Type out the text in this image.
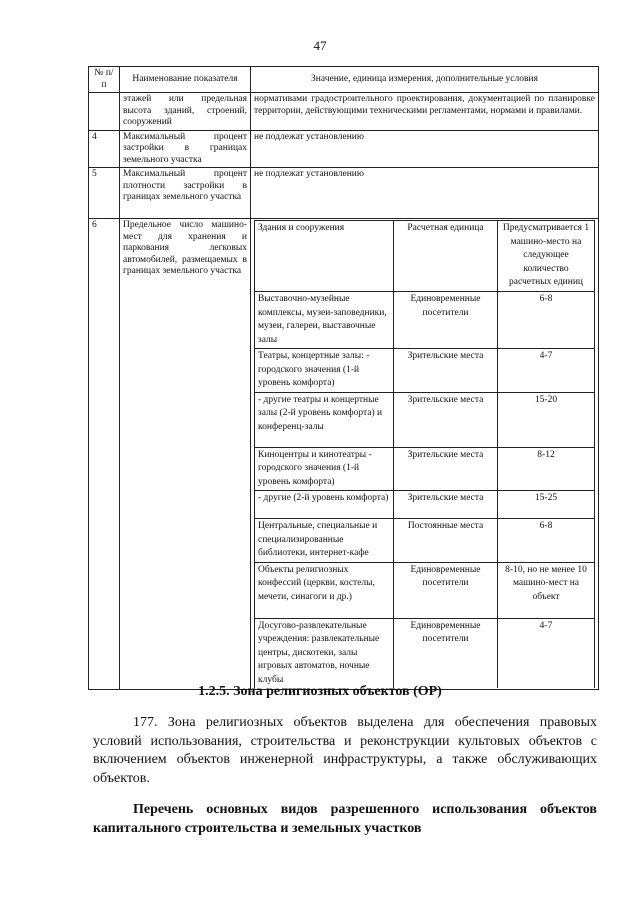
47
№ п/п	Наименование показателя	Значение, единица измерения, дополнительные условия
	этажей или предельная высота зданий, строений, сооружений	нормативами градостроительного проектирования, документацией по планировке территории, действующими техническими регламентами, нормами и правилами.
4	Максимальный процент застройки в границах земельного участка	не подлежат установлению
5	Максимальный процент плотности застройки в границах земельного участка	не подлежат установлению
6	Предельное число машино-мест для хранения и паркования легковых автомобилей, размещаемых в границах земельного участка	
Здания и сооружения	Расчетная единица	Предусматривается 1 машино-место на следующее количество расчетных единиц
Выставочно-музейные комплексы, музеи-заповедники, музеи, галереи, выставочные залы	Единовременные посетители	6-8
Театры, концертные залы: - городского значения (1-й уровень комфорта)	Зрительские места	4-7
- другие театры и концертные залы (2-й уровень комфорта) и конференц-залы	Зрительские места	15-20
Киноцентры и кинотеатры - городского значения (1-й уровень комфорта)	Зрительские места	8-12
- другие (2-й уровень комфорта)	Зрительские места	15-25
Центральные, специальные и специализированные библиотеки, интернет-кафе	Постоянные места	6-8
Объекты религиозных конфессий (церкви, костелы, мечети, синагоги и др.)	Единовременные посетители	8-10, но не менее 10 машино-мест на объект
Досугово-развлекательные учреждения: развлекательные центры, дискотеки, залы игровых автоматов, ночные клубы	Единовременные посетители	4-7
1.2.5. Зона религиозных объектов (ОР)

177. Зона религиозных объектов выделена для обеспечения правовых условий использования, строительства и реконструкции культовых объектов с включением объектов инженерной инфраструктуры, а также обслуживающих объектов.

Перечень основных видов разрешенного использования объектов капитального строительства и земельных участков
